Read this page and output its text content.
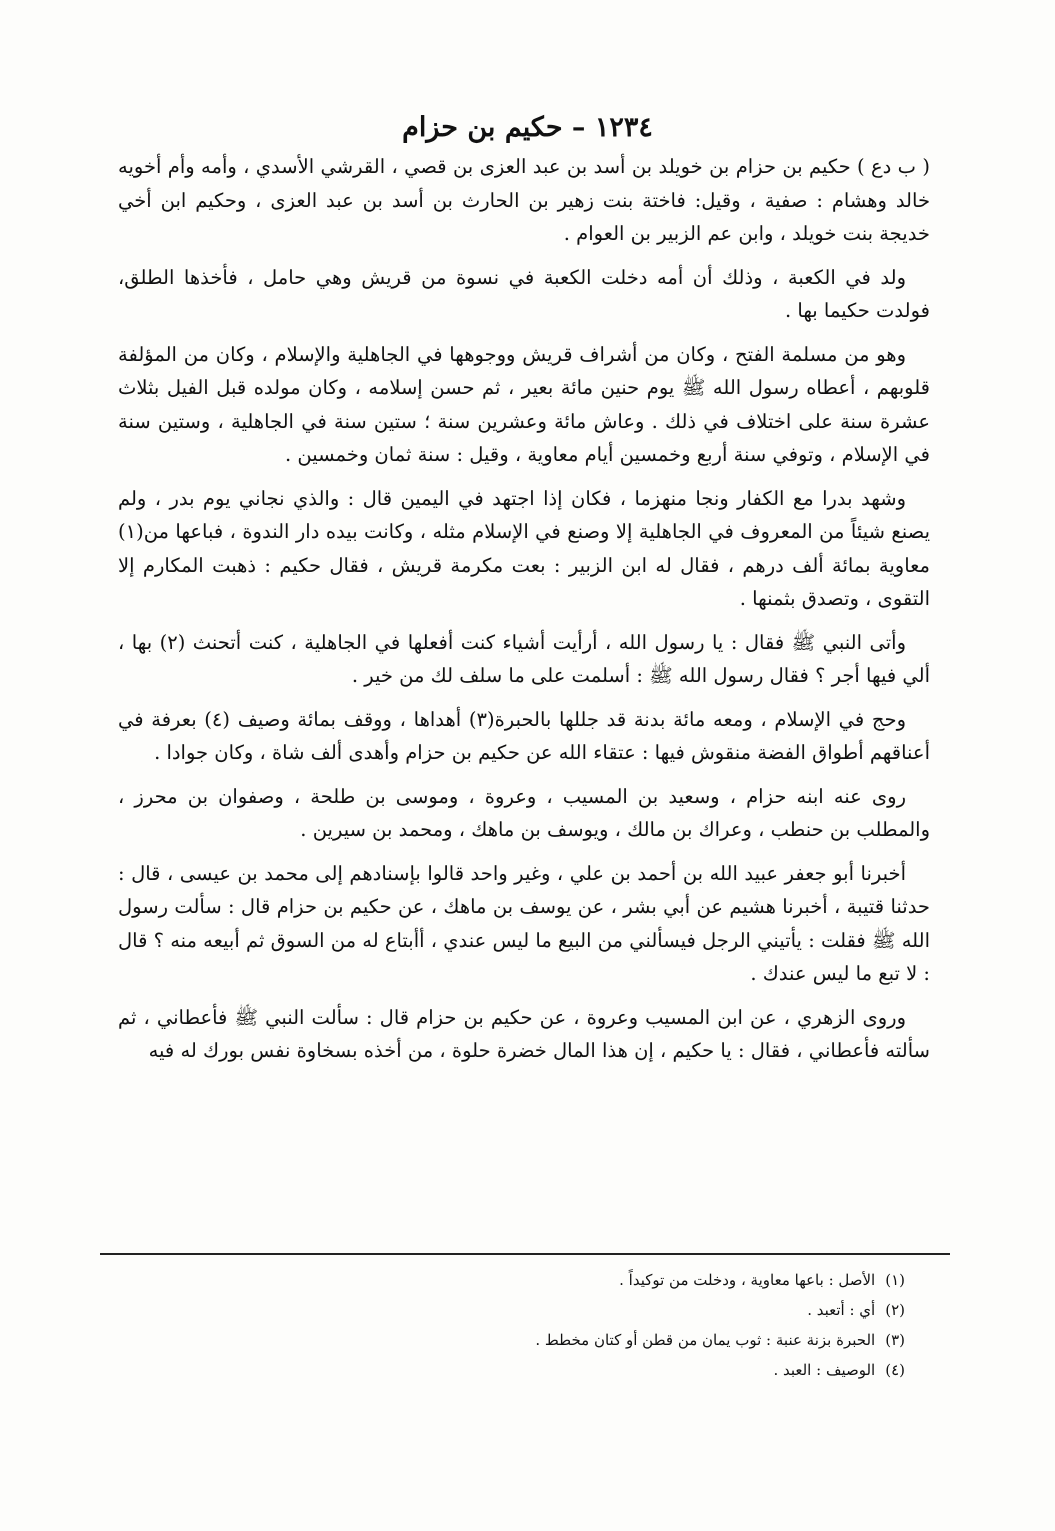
١٢٣٤ – حكيم بن حزام

( ب دع ) حكيم بن حزام بن خويلد بن أسد بن عبد العزى بن قصي ، القرشي الأسدي ، وأمه وأم أخويه خالد وهشام : صفية ، وقيل: فاختة بنت زهير بن الحارث بن أسد بن عبد العزى ، وحكيم ابن أخي خديجة بنت خويلد ، وابن عم الزبير بن العوام .

ولد في الكعبة ، وذلك أن أمه دخلت الكعبة في نسوة من قريش وهي حامل ، فأخذها الطلق، فولدت حكيما بها .

وهو من مسلمة الفتح ، وكان من أشراف قريش ووجوهها في الجاهلية والإسلام ، وكان من المؤلفة قلوبهم ، أعطاه رسول الله ﷺ يوم حنين مائة بعير ، ثم حسن إسلامه ، وكان مولده قبل الفيل بثلاث عشرة سنة على اختلاف في ذلك . وعاش مائة وعشرين سنة ؛ ستين سنة في الجاهلية ، وستين سنة في الإسلام ، وتوفي سنة أربع وخمسين أيام معاوية ، وقيل : سنة ثمان وخمسين .

وشهد بدرا مع الكفار ونجا منهزما ، فكان إذا اجتهد في اليمين قال : والذي نجاني يوم بدر ، ولم يصنع شيئاً من المعروف في الجاهلية إلا وصنع في الإسلام مثله ، وكانت بيده دار الندوة ، فباعها من(١) معاوية بمائة ألف درهم ، فقال له ابن الزبير : بعت مكرمة قريش ، فقال حكيم : ذهبت المكارم إلا التقوى ، وتصدق بثمنها .

وأتى النبي ﷺ فقال : يا رسول الله ، أرأيت أشياء كنت أفعلها في الجاهلية ، كنت أتحنث (٢) بها ، ألي فيها أجر ؟ فقال رسول الله ﷺ : أسلمت على ما سلف لك من خير .

وحج في الإسلام ، ومعه مائة بدنة قد جللها بالحبرة(٣) أهداها ، ووقف بمائة وصيف (٤) بعرفة في أعناقهم أطواق الفضة منقوش فيها : عتقاء الله عن حكيم بن حزام وأهدى ألف شاة ، وكان جوادا .

روى عنه ابنه حزام ، وسعيد بن المسيب ، وعروة ، وموسى بن طلحة ، وصفوان بن محرز ، والمطلب بن حنطب ، وعراك بن مالك ، ويوسف بن ماهك ، ومحمد بن سيرين .

أخبرنا أبو جعفر عبيد الله بن أحمد بن علي ، وغير واحد قالوا بإسنادهم إلى محمد بن عيسى ، قال : حدثنا قتيبة ، أخبرنا هشيم عن أبي بشر ، عن يوسف بن ماهك ، عن حكيم بن حزام قال : سألت رسول الله ﷺ فقلت : يأتيني الرجل فيسألني من البيع ما ليس عندي ، أأبتاع له من السوق ثم أبيعه منه ؟ قال : لا تبع ما ليس عندك .

وروى الزهري ، عن ابن المسيب وعروة ، عن حكيم بن حزام قال : سألت النبي ﷺ فأعطاني ، ثم سألته فأعطاني ، فقال : يا حكيم ، إن هذا المال خضرة حلوة ، من أخذه بسخاوة نفس بورك له فيه

(١)الأصل : باعها معاوية ، ودخلت من توكيداً .
(٢)أي : أتعبد .
(٣)الحبرة بزنة عنبة : ثوب يمان من قطن أو كتان مخطط .
(٤)الوصيف : العبد .
